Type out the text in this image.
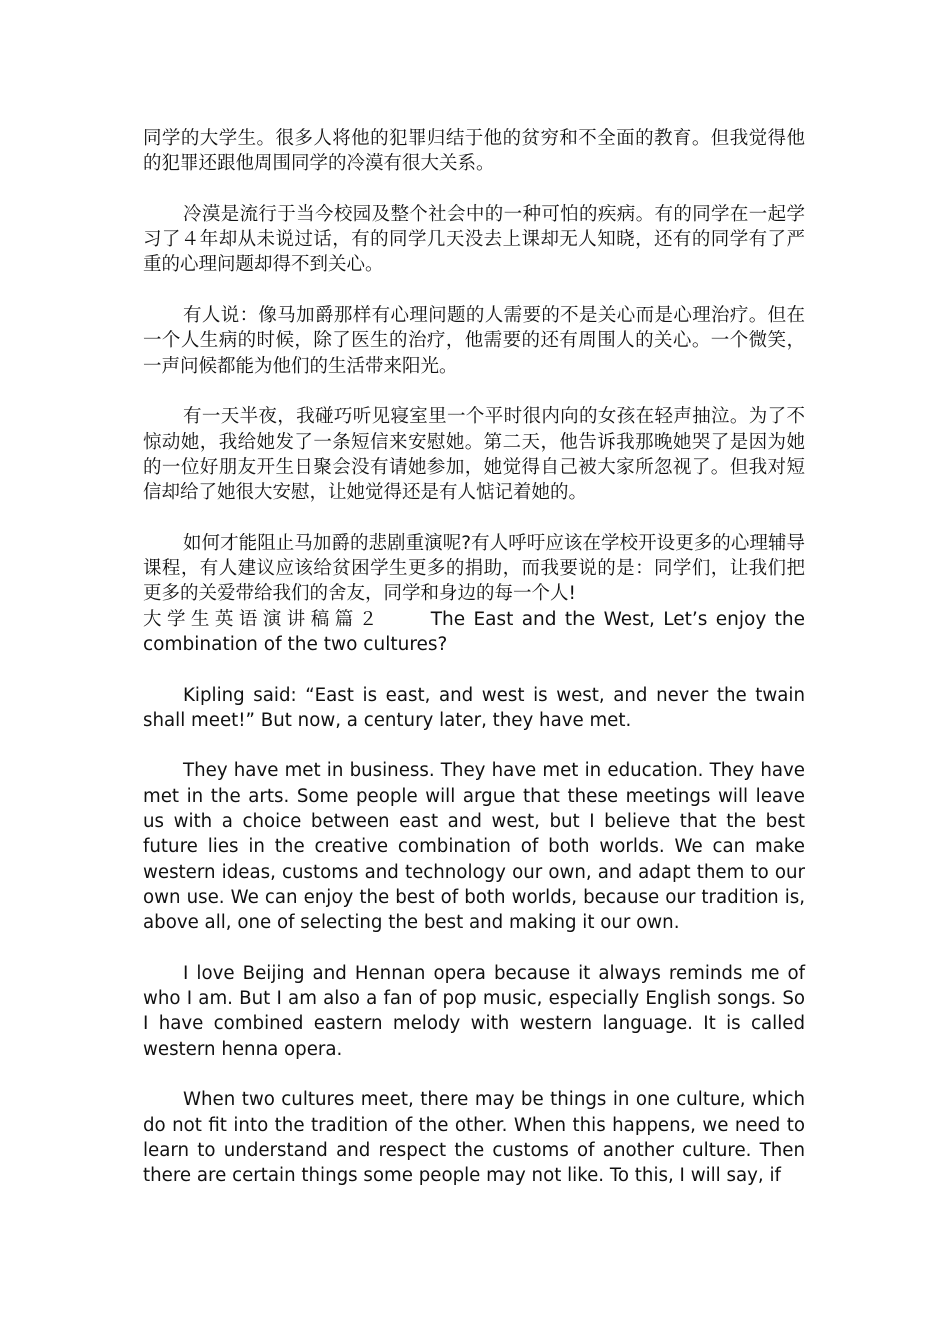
同学的大学生。很多人将他的犯罪归结于他的贫穷和不全面的教育。但我觉得他的犯罪还跟他周围同学的冷漠有很大关系。

冷漠是流行于当今校园及整个社会中的一种可怕的疾病。有的同学在一起学习了４年却从未说过话，有的同学几天没去上课却无人知晓，还有的同学有了严重的心理问题却得不到关心。

有人说：像马加爵那样有心理问题的人需要的不是关心而是心理治疗。但在一个人生病的时候，除了医生的治疗，他需要的还有周围人的关心。一个微笑，一声问候都能为他们的生活带来阳光。

有一天半夜，我碰巧听见寝室里一个平时很内向的女孩在轻声抽泣。为了不惊动她，我给她发了一条短信来安慰她。第二天，他告诉我那晚她哭了是因为她的一位好朋友开生日聚会没有请她参加，她觉得自己被大家所忽视了。但我对短信却给了她很大安慰，让她觉得还是有人惦记着她的。

如何才能阻止马加爵的悲剧重演呢?有人呼吁应该在学校开设更多的心理辅导课程，有人建议应该给贫困学生更多的捐助，而我要说的是：同学们，让我们把更多的关爱带给我们的舍友，同学和身边的每一个人!

大学生英语演讲稿篇２	The East and the West, Let’s enjoy the combination of the two cultures?

Kipling said: “East is east, and west is west, and never the twain shall meet!” But now, a century later, they have met.

They have met in business. They have met in education. They have met in the arts. Some people will argue that these meetings will leave us with a choice between east and west, but I believe that the best future lies in the creative combination of both worlds. We can make western ideas, customs and technology our own, and adapt them to our own use. We can enjoy the best of both worlds, because our tradition is, above all, one of selecting the best and making it our own.

I love Beijing and Hennan opera because it always reminds me of who I am. But I am also a fan of pop music, especially English songs. So I have combined eastern melody with western language. It is called western henna opera.

When two cultures meet, there may be things in one culture, which do not fit into the tradition of the other. When this happens, we need to learn to understand and respect the customs of another culture. Then there are certain things some people may not like. To this, I will say, if
